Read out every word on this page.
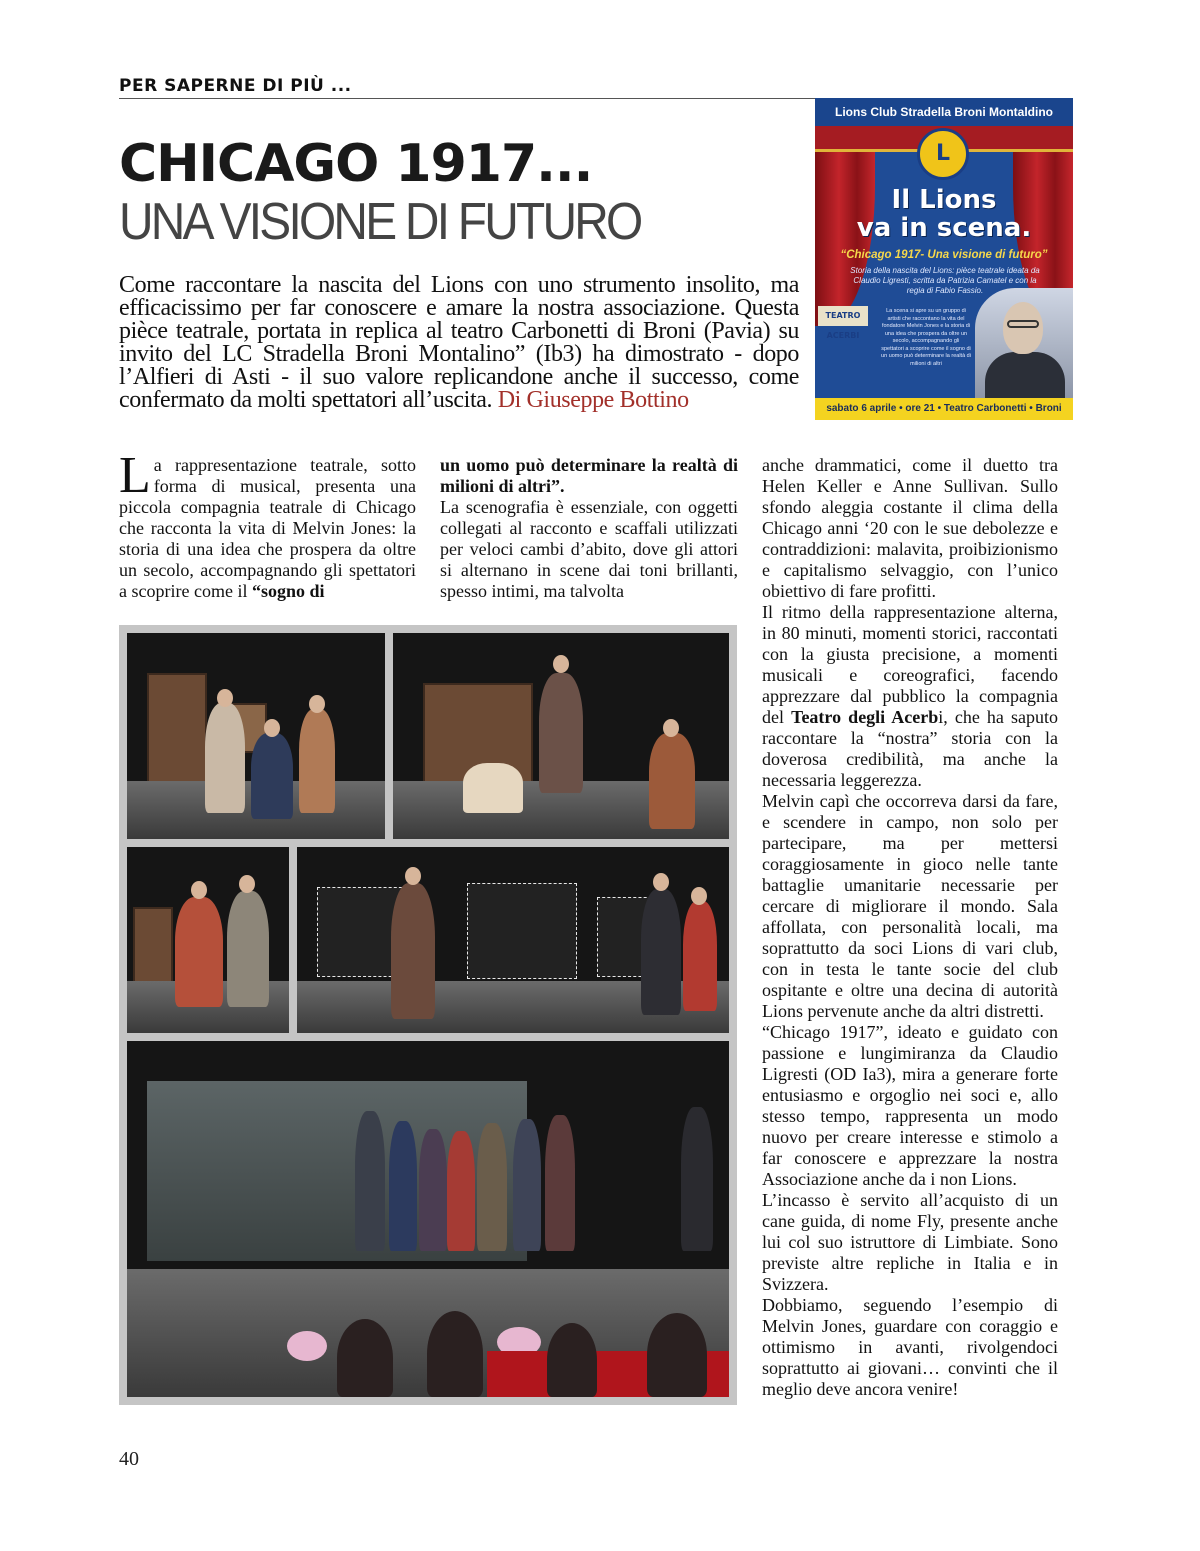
PER SAPERNE DI PIÙ ...
CHICAGO 1917...
UNA VISIONE DI FUTURO

Come raccontare la nascita del Lions con uno strumento insolito, ma efficacissimo per far conoscere e amare la nostra associazione. Questa pièce teatrale, portata in replica al teatro Carbonetti di Broni (Pavia) su invito del LC Stradella Broni Montalino” (Ib3) ha dimostrato - dopo l’Alfieri di Asti - il suo valore replicandone anche il successo, come confermato da molti spettatori all’uscita. Di Giuseppe Bottino

Lions Club Stradella Broni Montaldino
L
Il Lions
va in scena.
“Chicago 1917- Una visione di futuro”
Storia della nascita del Lions: pièce teatrale ideata da Claudio Ligresti, scritta da Patrizia Camatel e con la regia di Fabio Fassio.
TEATRO ACERBI
La scena si apre su un gruppo di artisti che raccontano la vita del fondatore Melvin Jones e la storia di una idea che prospera da oltre un secolo, accompagnando gli spettatori a scoprire come il sogno di un uomo può determinare la realtà di milioni di altri
sabato 6 aprile • ore 21 • Teatro Carbonetti • Broni

La rappresentazione teatrale, sotto forma di musical, presenta una piccola compagnia teatrale di Chicago che racconta la vita di Melvin Jones: la storia di una idea che prospera da oltre un secolo, accompagnando gli spettatori a scoprire come il “sogno di

un uomo può determinare la realtà di milioni di altri”.

La scenografia è essenziale, con oggetti collegati al racconto e scaffali utilizzati per veloci cambi d’abito, dove gli attori si alternano in scene dai toni brillanti, spesso intimi, ma talvolta

anche drammatici, come il duetto tra Helen Keller e Anne Sullivan. Sullo sfondo aleggia costante il clima della Chicago anni ‘20 con le sue debolezze e contraddizioni: malavita, proibizionismo e capitalismo selvaggio, con l’unico obiettivo di fare profitti.

Il ritmo della rappresentazione alterna, in 80 minuti, momenti storici, raccontati con la giusta precisione, a momenti musicali e coreografici, facendo apprezzare dal pubblico la compagnia del Teatro degli Acerbi, che ha saputo raccontare la “nostra” storia con la doverosa credibilità, ma anche la necessaria leggerezza.

Melvin capì che occorreva darsi da fare, e scendere in campo, non solo per partecipare, ma per mettersi coraggiosamente in gioco nelle tante battaglie umanitarie necessarie per cercare di migliorare il mondo. Sala affollata, con personalità locali, ma soprattutto da soci Lions di vari club, con in testa le tante socie del club ospitante e oltre una decina di autorità Lions pervenute anche da altri distretti.

“Chicago 1917”, ideato e guidato con passione e lungimiranza da Claudio Ligresti (OD Ia3), mira a generare forte entusiasmo e orgoglio nei soci e, allo stesso tempo, rappresenta un modo nuovo per creare interesse e stimolo a far conoscere e apprezzare la nostra Associazione anche da i non Lions.

L’incasso è servito all’acquisto di un cane guida, di nome Fly, presente anche lui col suo istruttore di Limbiate. Sono previste altre repliche in Italia e in Svizzera.

Dobbiamo, seguendo l’esempio di Melvin Jones, guardare con coraggio e ottimismo in avanti, rivolgendoci soprattutto ai giovani… convinti che il meglio deve ancora venire!

40
